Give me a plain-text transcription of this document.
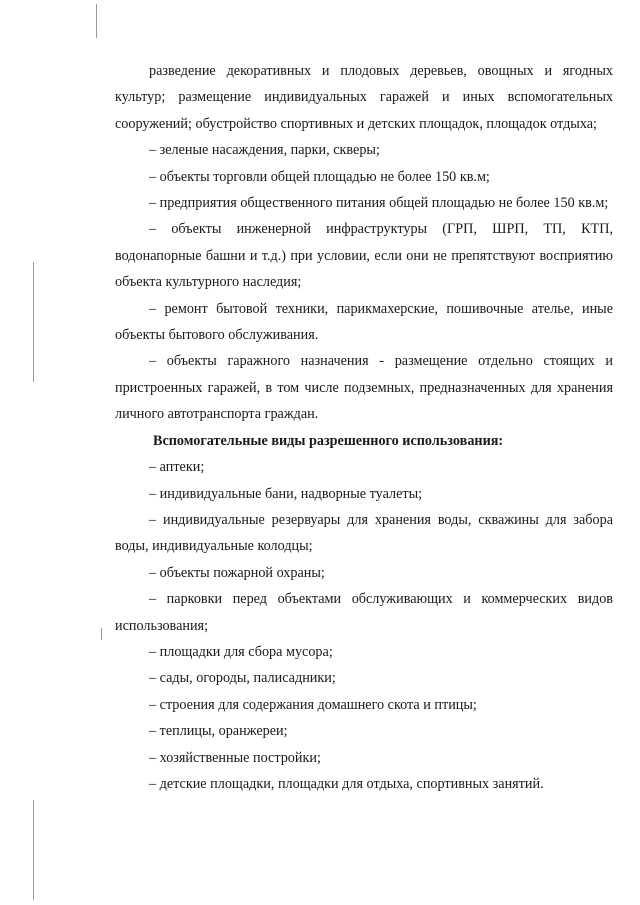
разведение декоративных и плодовых деревьев, овощных и ягодных культур; размещение индивидуальных гаражей и иных вспомогательных сооружений; обустройство спортивных и детских площадок, площадок отдыха;

– зеленые насаждения, парки, скверы;

– объекты торговли общей площадью не более 150 кв.м;

– предприятия общественного питания общей площадью не более 150 кв.м;

– объекты инженерной инфраструктуры (ГРП, ШРП, ТП, КТП, водонапорные башни и т.д.) при условии, если они не препятствуют восприятию объекта культурного наследия;

– ремонт бытовой техники, парикмахерские, пошивочные ателье, иные объекты бытового обслуживания.

– объекты гаражного назначения - размещение отдельно стоящих и пристроенных гаражей, в том числе подземных, предназначенных для хранения личного автотранспорта граждан.

Вспомогательные виды разрешенного использования:

– аптеки;

– индивидуальные бани, надворные туалеты;

– индивидуальные резервуары для хранения воды, скважины для забора воды, индивидуальные колодцы;

– объекты пожарной охраны;

– парковки перед объектами обслуживающих и коммерческих видов использования;

– площадки для сбора мусора;

– сады, огороды, палисадники;

– строения для содержания домашнего скота и птицы;

– теплицы, оранжереи;

– хозяйственные постройки;

– детские площадки, площадки для отдыха, спортивных занятий.
